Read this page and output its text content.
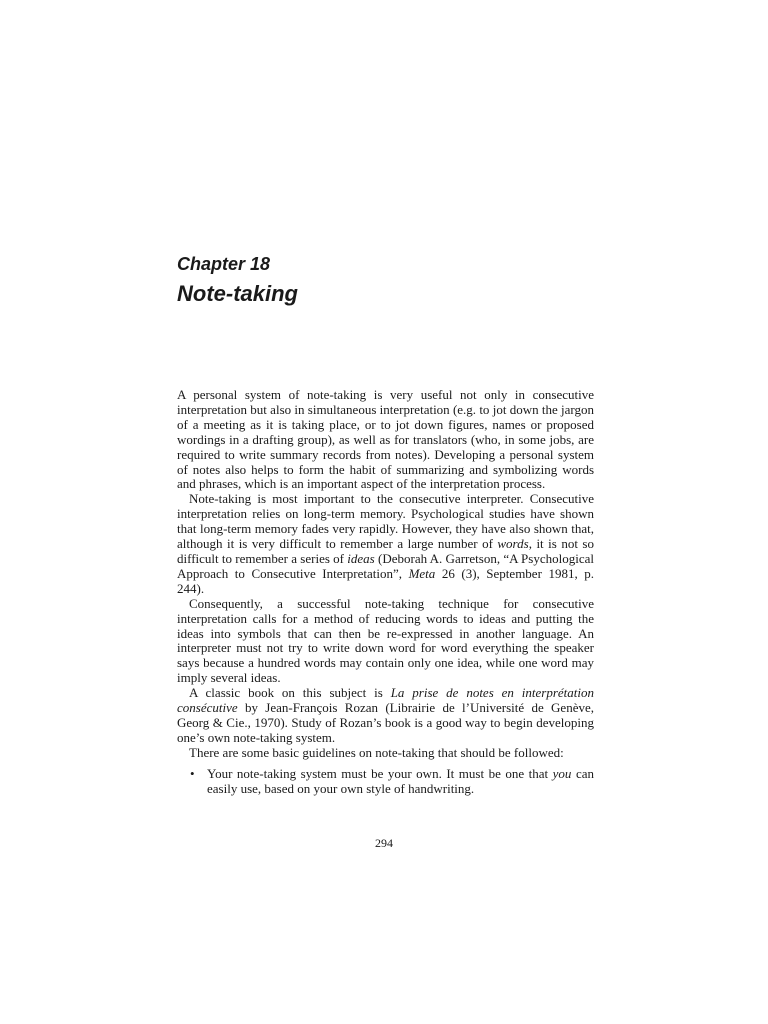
Chapter 18
Note-taking

A personal system of note-taking is very useful not only in consecutive interpretation but also in simultaneous interpretation (e.g. to jot down the jargon of a meeting as it is taking place, or to jot down figures, names or proposed wordings in a drafting group), as well as for translators (who, in some jobs, are required to write summary records from notes). Developing a personal system of notes also helps to form the habit of summarizing and symbolizing words and phrases, which is an important aspect of the interpretation process.

Note-taking is most important to the consecutive interpreter. Consecutive interpretation relies on long-term memory. Psychological studies have shown that long-term memory fades very rapidly. However, they have also shown that, although it is very difficult to remember a large number of words, it is not so difficult to remember a series of ideas (Deborah A. Garretson, “A Psychological Approach to Consecutive Interpretation”, Meta 26 (3), September 1981, p. 244).

Consequently, a successful note-taking technique for consecutive interpretation calls for a method of reducing words to ideas and putting the ideas into symbols that can then be re-expressed in another language. An interpreter must not try to write down word for word everything the speaker says because a hundred words may contain only one idea, while one word may imply several ideas.

A classic book on this subject is La prise de notes en interprétation consécutive by Jean-François Rozan (Librairie de l’Université de Genève, Georg & Cie., 1970). Study of Rozan’s book is a good way to begin developing one’s own note-taking system.

There are some basic guidelines on note-taking that should be followed:

• Your note-taking system must be your own. It must be one that you can easily use, based on your own style of handwriting.

294
